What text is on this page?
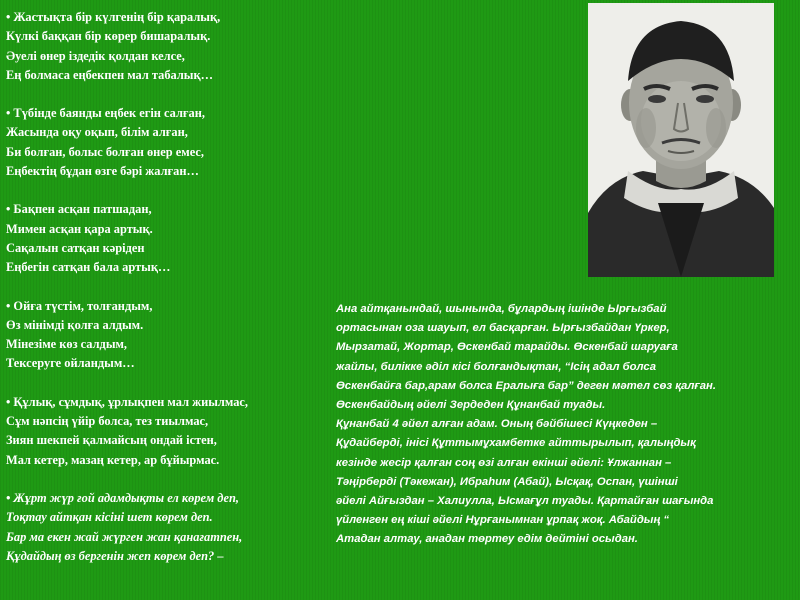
• Жастықта бір күлгенің бір қаралық,
Күлкі баққан бір көрер бишаралық.
Әуелі өнер іздедік қолдан келсе,
Ең болмаса еңбекпен мал табалық…
• Түбінде баянды еңбек егін салған,
Жасында оқу оқып, білім алған,
Би болған, болыс болған өнер емес,
Еңбектің бұдан өзге бәрі жалған…
• Бақпен асқан патшадан,
Мимен асқан қара артық.
Сақалын сатқан кәріден
Еңбегін сатқан бала артық…
• Ойға түстім, толғандым,
Өз мінімді қолға алдым.
Мінезіме көз салдым,
Тексеруге ойландым…
• Құлық, сұмдық, ұрлықпен мал жиылмас,
Сұм нәпсің үйір болса, тез тиылмас,
Зиян шекпей қалмайсың ондай істен,
Мал кетер, мазаң кетер, ар бұйырмас.
• Жұрт жүр ғой адамдықты ел көрем деп,
Тоқтау айтқан кісіні шет көрем деп.
Бар ма екен жай жүрген жан қанағатпен,
Құдайдың өз бергенін жеп көрем деп? –
Ана айтқанындай, шынында, бұлардың ішінде Ырғызбай
ортасынан оза шауып, ел басқарған. Ырғызбайдан Үркер,
Мырзатай, Жортар, Өскенбай тарайды. Өскенбай шаруаға
жайлы, билікке әділ кісі болғандықтан, “Ісің адал болса
Өскенбайға бар,арам болса Ералыға бар” деген мәтел сөз қалған.
Өскенбайдың әйелі Зердеден Құнанбай туады.
Құнанбай 4 әйел алған адам. Оның бәйбішесі Күңкеден –
Құдайберді, інісі Құттымұхамбетке айттырылып, қалыңдық
кезінде жесір қалған соң өзі алған екінші әйелі: Ұлжаннан –
Тәңірберді (Тәкежан), Ибраһим (Абай), Ысқақ, Оспан, үшінші
әйелі Айғыздан – Халиулла, Ысмағұл туады. Қартайған шағында
үйленген ең кіші әйелі Нұрғанымнан ұрпақ жоқ. Абайдың “
Атадан алтау, анадан төртеу едім дейтіні осыдан.
